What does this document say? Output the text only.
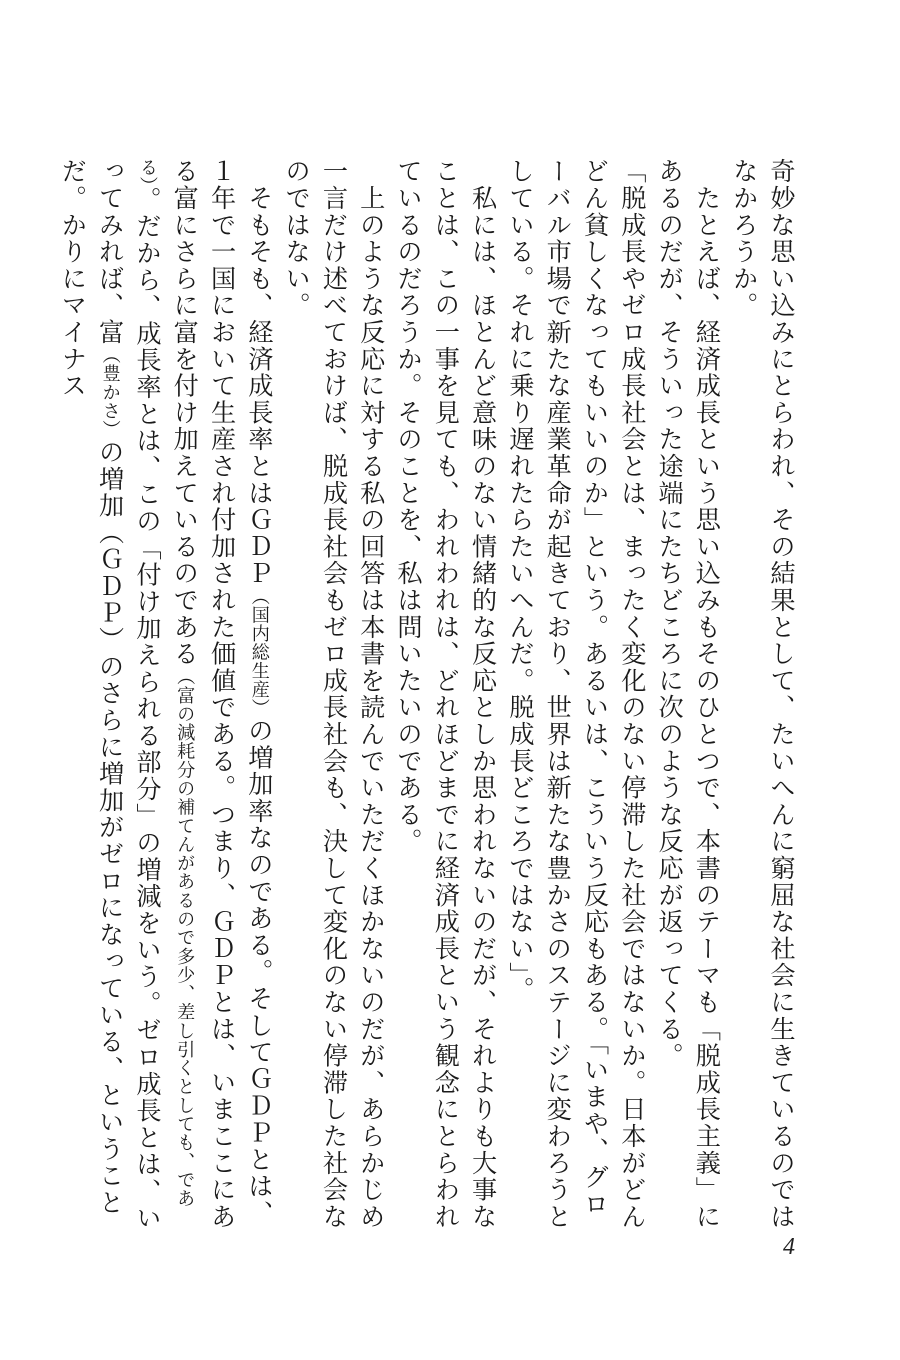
奇妙な思い込みにとらわれ、その結果として、たいへんに窮屈な社会に生きているのではなかろうか。
　たとえば、経済成長という思い込みもそのひとつで、本書のテーマも「脱成長主義」にあるのだが、そういった途端にたちどころに次のような反応が返ってくる。
「脱成長やゼロ成長社会とは、まったく変化のない停滞した社会ではないか。日本がどんどん貧しくなってもいいのか」という。あるいは、こういう反応もある。「いまや、グローバル市場で新たな産業革命が起きており、世界は新たな豊かさのステージに変わろうとしている。それに乗り遅れたらたいへんだ。脱成長どころではない」。
　私には、ほとんど意味のない情緒的な反応としか思われないのだが、それよりも大事なことは、この一事を見ても、われわれは、どれほどまでに経済成長という観念にとらわれているのだろうか。そのことを、私は問いたいのである。
　上のような反応に対する私の回答は本書を読んでいただくほかないのだが、あらかじめ一言だけ述べておけば、脱成長社会もゼロ成長社会も、決して変化のない停滞した社会なのではない。
　そもそも、経済成長率とはＧＤＰ（国内総生産）の増加率なのである。そしてＧＤＰとは、１年で一国において生産され付加された価値である。つまり、ＧＤＰとは、いまここにある富にさらに富を付け加えているのである（富の減耗分の補てんがあるので多少、差し引くとしても、である）。だから、成長率とは、この「付け加えられる部分」の増減をいう。ゼロ成長とは、いってみれば、富（豊かさ）の増加（ＧＤＰ）のさらに増加がゼロになっている、ということだ。かりにマイナス
4
